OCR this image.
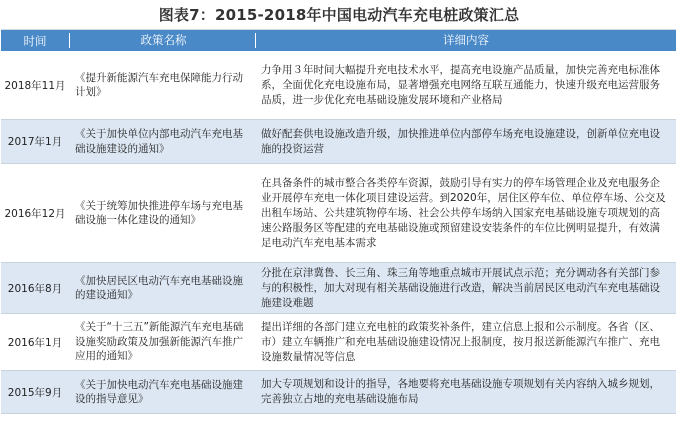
图表7：2015-2018年中国电动汽车充电桩政策汇总
时间	政策名称	详细内容
2018年11月
《提升新能源汽车充电保障能力行动计划》
力争用３年时间大幅提升充电技术水平，提高充电设施产品质量，加快完善充电标准体系，全面优化充电设施布局，显著增强充电网络互联互通能力，快速升级充电运营服务品质，进一步优化充电基础设施发展环境和产业格局
2017年1月
《关于加快单位内部电动汽车充电基础设施建设的通知》
做好配套供电设施改造升级，加快推进单位内部停车场充电设施建设，创新单位充电设施的投资运营
2016年12月
《关于统筹加快推进停车场与充电基础设施一体化建设的通知》
在具备条件的城市整合各类停车资源，鼓励引导有实力的停车场管理企业及充电服务企业开展停车充电一体化项目建设运营。到2020年，居住区停车位、单位停车场、公交及出租车场站、公共建筑物停车场、社会公共停车场纳入国家充电基础设施专项规划的高速公路服务区等配建的充电基础设施或预留建设安装条件的车位比例明显提升，有效满足电动汽车充电基本需求
2016年8月
《加快居民区电动汽车充电基础设施的建设通知》
分批在京津冀鲁、长三角、珠三角等地重点城市开展试点示范；充分调动各有关部门参与的积极性，加大对现有相关基础设施进行改造，解决当前居民区电动汽车充电基础设施建设难题
2016年1月
《关于“十三五”新能源汽车充电基础设施奖励政策及加强新能源汽车推广应用的通知》
提出详细的各部门建立充电桩的政策奖补条件，建立信息上报和公示制度。各省（区、市）建立车辆推广和充电基础设施建设情况上报制度，按月报送新能源汽车推广、充电设施数量情况等信息
2015年9月
《关于加快电动汽车充电基础设施建设的指导意见》
加大专项规划和设计的指导，各地要将充电基础设施专项规划有关内容纳入城乡规划，完善独立占地的充电基础设施布局
